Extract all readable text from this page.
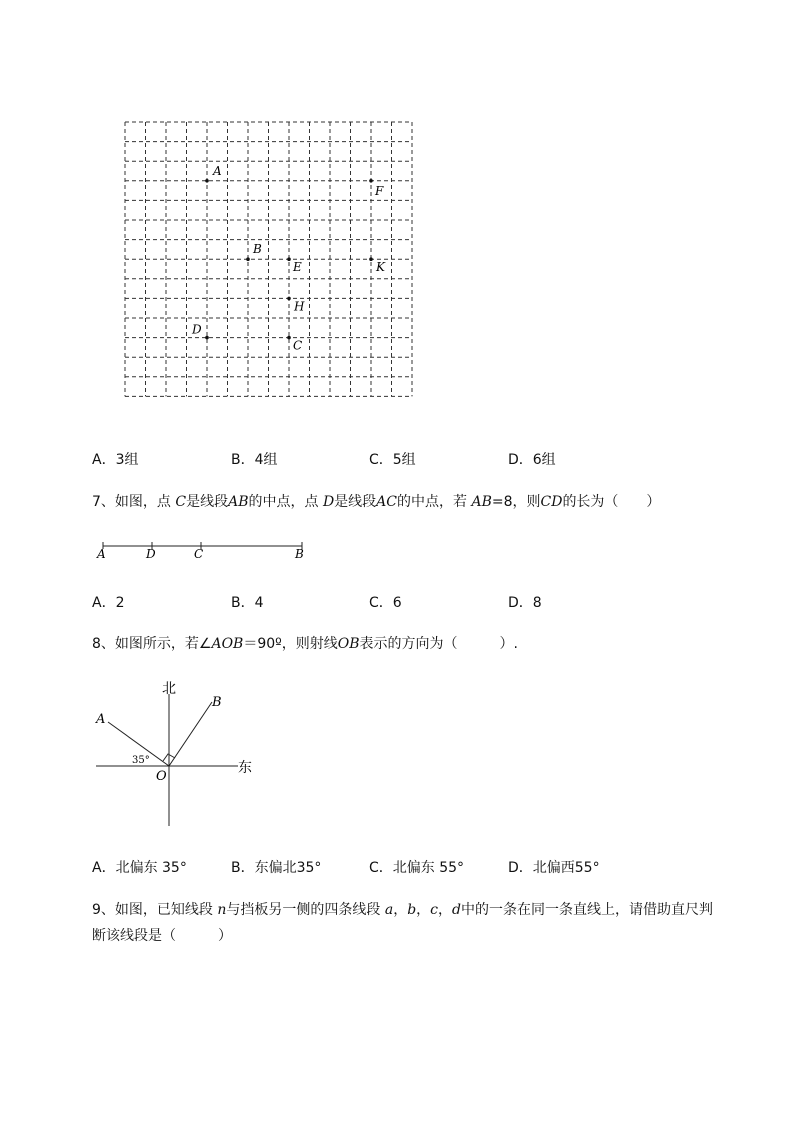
A
F
B
E	K
H
D
C
A．3组	B．4组	C．5组	D．6组
7、如图，点 C是线段AB的中点，点 D是线段AC的中点，若 AB=8，则CD的长为（　　）
A	D	C	B
A．2	B．4	C．6	D．8
8、如图所示，若∠AOB＝90º，则射线OB表示的方向为（　　　）.
北
东
A
B
O
35°
A．北偏东 35°	B．东偏北35°	C．北偏东 55°	D．北偏西55°
9、如图，已知线段 n与挡板另一侧的四条线段 a，b，c，d中的一条在同一条直线上，请借助直尺判
断该线段是（　　　）
